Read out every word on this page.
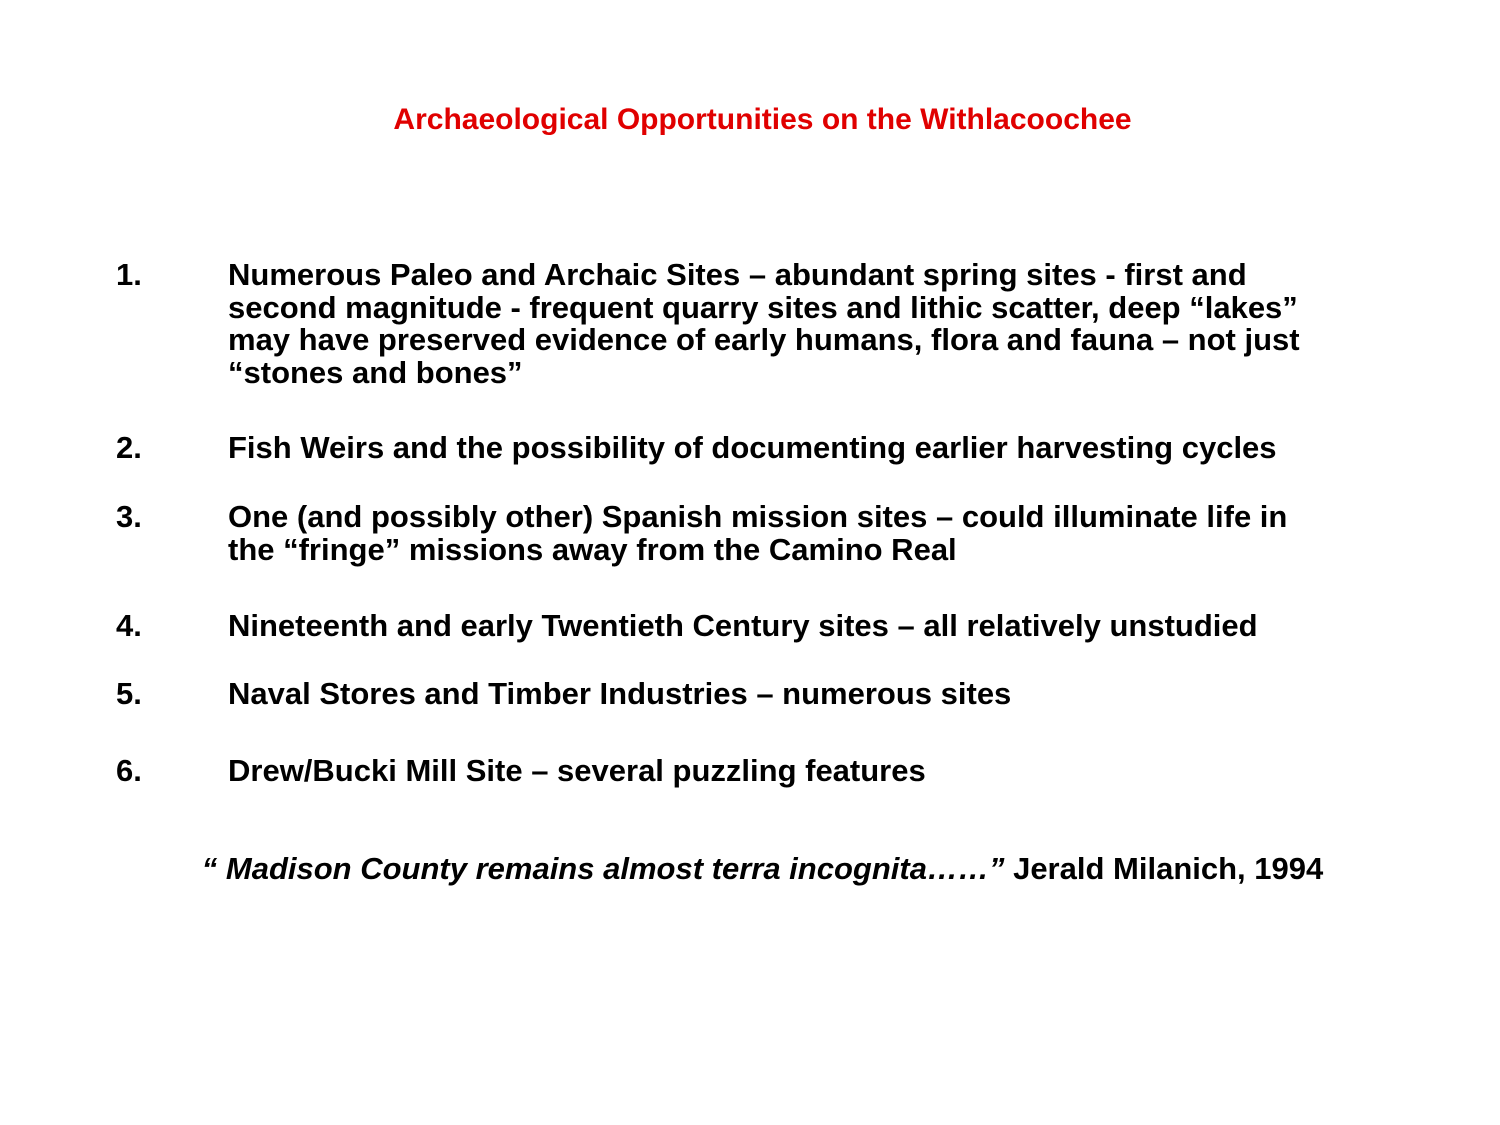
Archaeological Opportunities on the Withlacoochee
1.	Numerous Paleo and Archaic Sites – abundant spring sites - first and
second magnitude - frequent quarry sites and lithic scatter, deep “lakes”
may have preserved evidence of early humans, flora and fauna – not just
“stones and bones”
2.	Fish Weirs and the possibility of documenting earlier harvesting cycles
3.	One (and possibly other) Spanish mission sites – could illuminate life in
the “fringe” missions away from the Camino Real
4.	Nineteenth and early Twentieth Century sites – all relatively unstudied
5.	Naval Stores and Timber Industries – numerous sites
6.	Drew/Bucki Mill Site – several puzzling features
“ Madison County remains almost terra incognita……” Jerald Milanich, 1994
